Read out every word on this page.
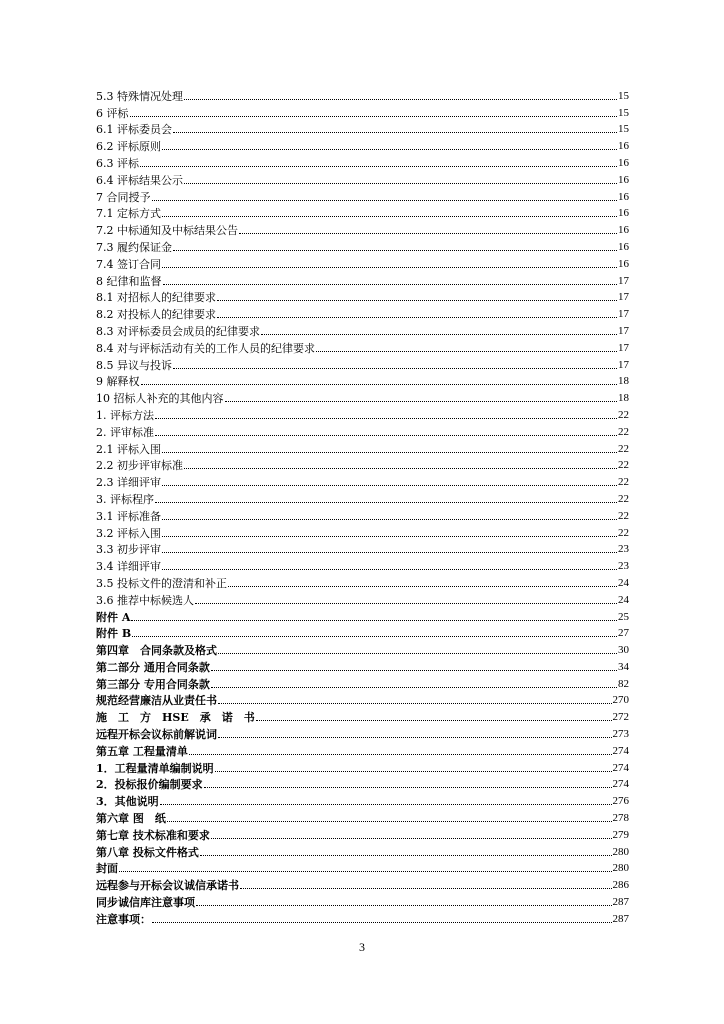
5.3 特殊情况处理	15
6 评标	15
6.1 评标委员会	15
6.2 评标原则	16
6.3 评标	16
6.4 评标结果公示	16
7 合同授予	16
7.1 定标方式	16
7.2 中标通知及中标结果公告	16
7.3 履约保证金	16
7.4 签订合同	16
8 纪律和监督	17
8.1 对招标人的纪律要求	17
8.2 对投标人的纪律要求	17
8.3 对评标委员会成员的纪律要求	17
8.4 对与评标活动有关的工作人员的纪律要求	17
8.5 异议与投诉	17
9 解释权	18
10 招标人补充的其他内容	18
1. 评标方法	22
2. 评审标准	22
2.1 评标入围	22
2.2 初步评审标准	22
2.3 详细评审	22
3. 评标程序	22
3.1 评标准备	22
3.2 评标入围	22
3.3 初步评审	23
3.4 详细评审	23
3.5 投标文件的澄清和补正	24
3.6 推荐中标候选人	24
附件 A	25
附件 B	27
第四章　合同条款及格式	30
第二部分 通用合同条款	34
第三部分 专用合同条款	82
规范经营廉洁从业责任书	270
施　工　方　HSE　承　诺　书	272
远程开标会议标前解说词	273
第五章 工程量清单	274
1．工程量清单编制说明	274
2．投标报价编制要求	274
3．其他说明	276
第六章 图　纸	278
第七章 技术标准和要求	279
第八章 投标文件格式	280
封面	280
远程参与开标会议诚信承诺书	286
同步诚信库注意事项	287
注意事项：	287
3
